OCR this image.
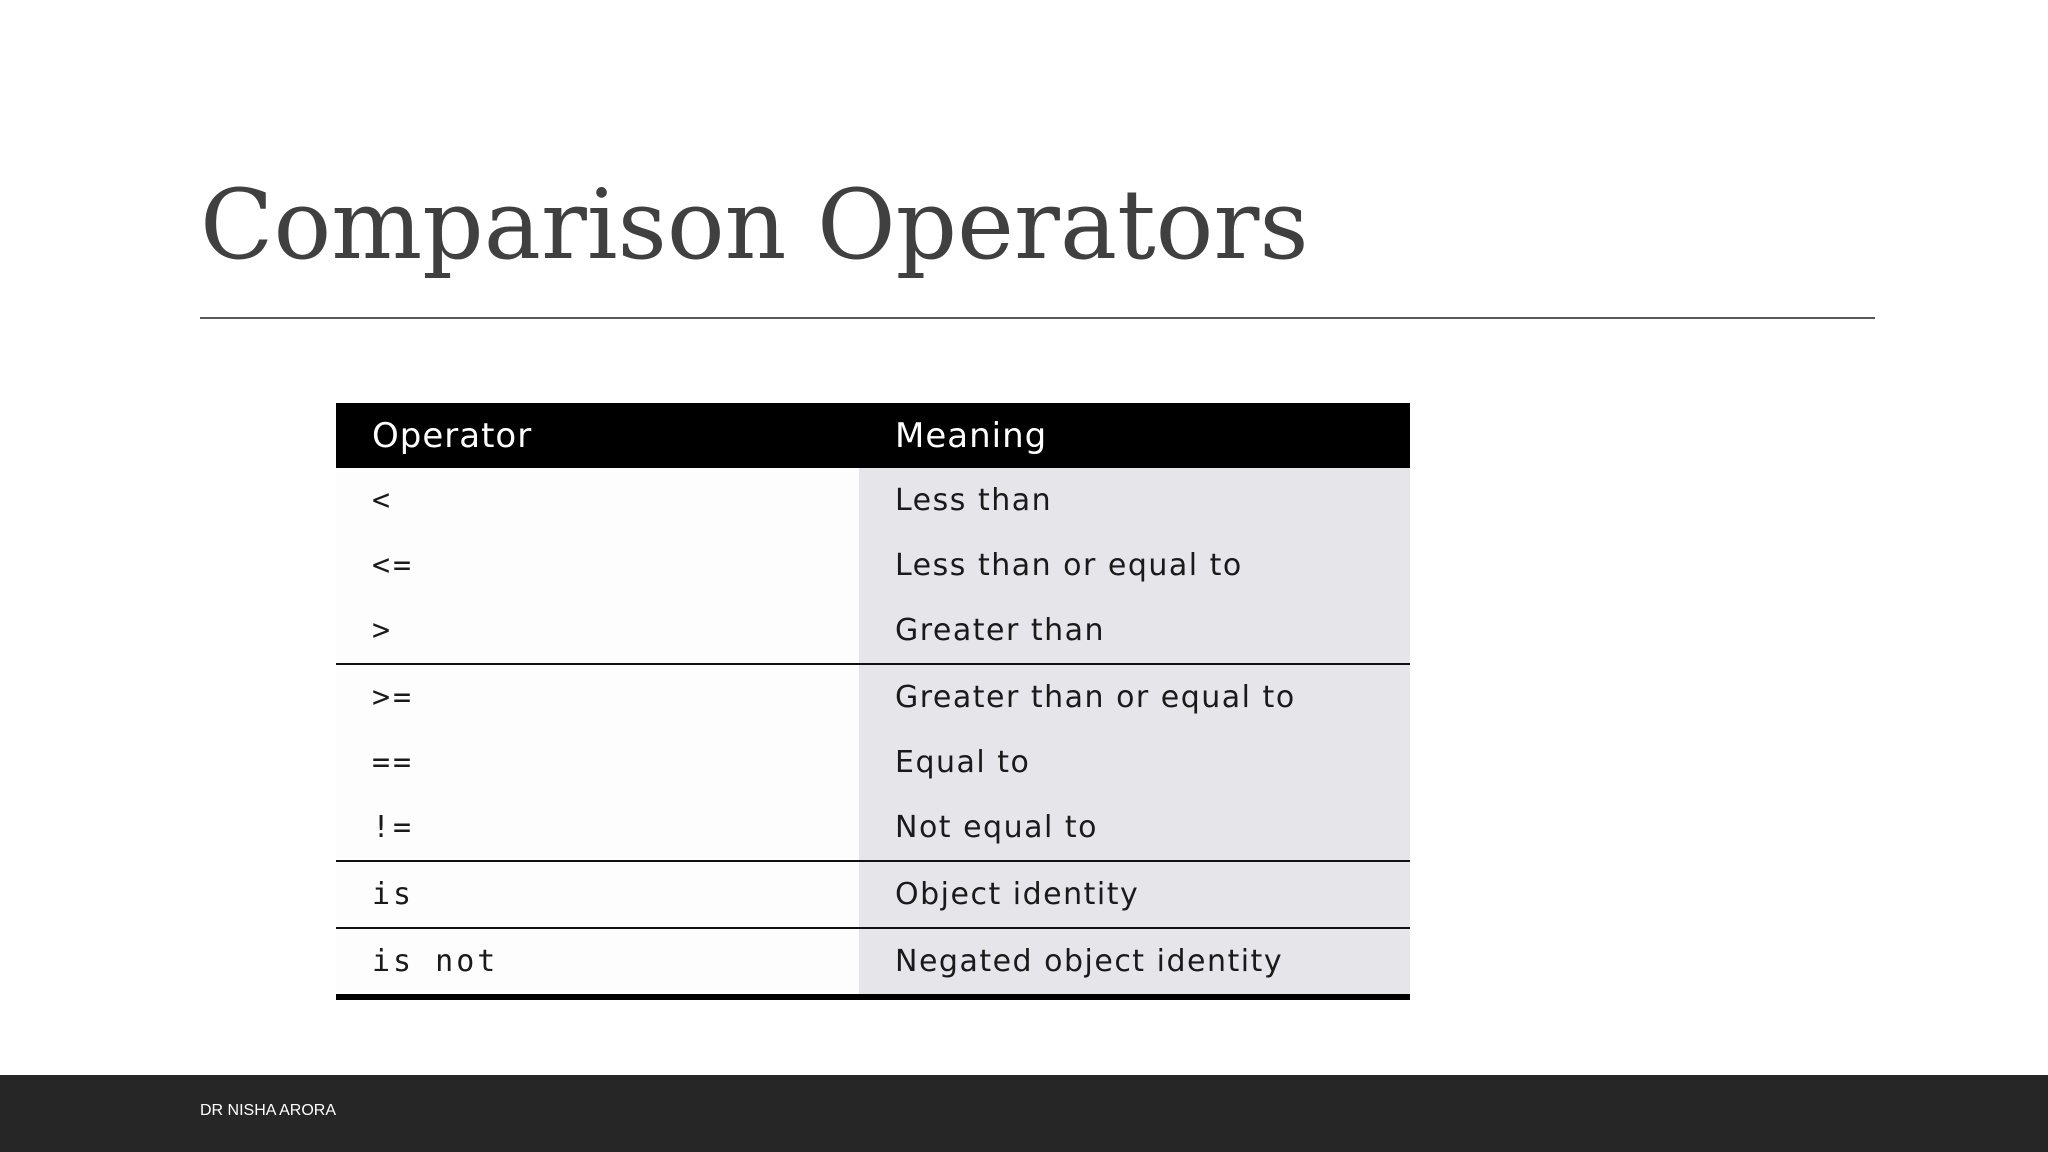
Comparison Operators
Operator	Meaning
<	Less than
<=	Less than or equal to
>	Greater than
>=	Greater than or equal to
==	Equal to
!=	Not equal to
is	Object identity
is not	Negated object identity
DR NISHA ARORA
